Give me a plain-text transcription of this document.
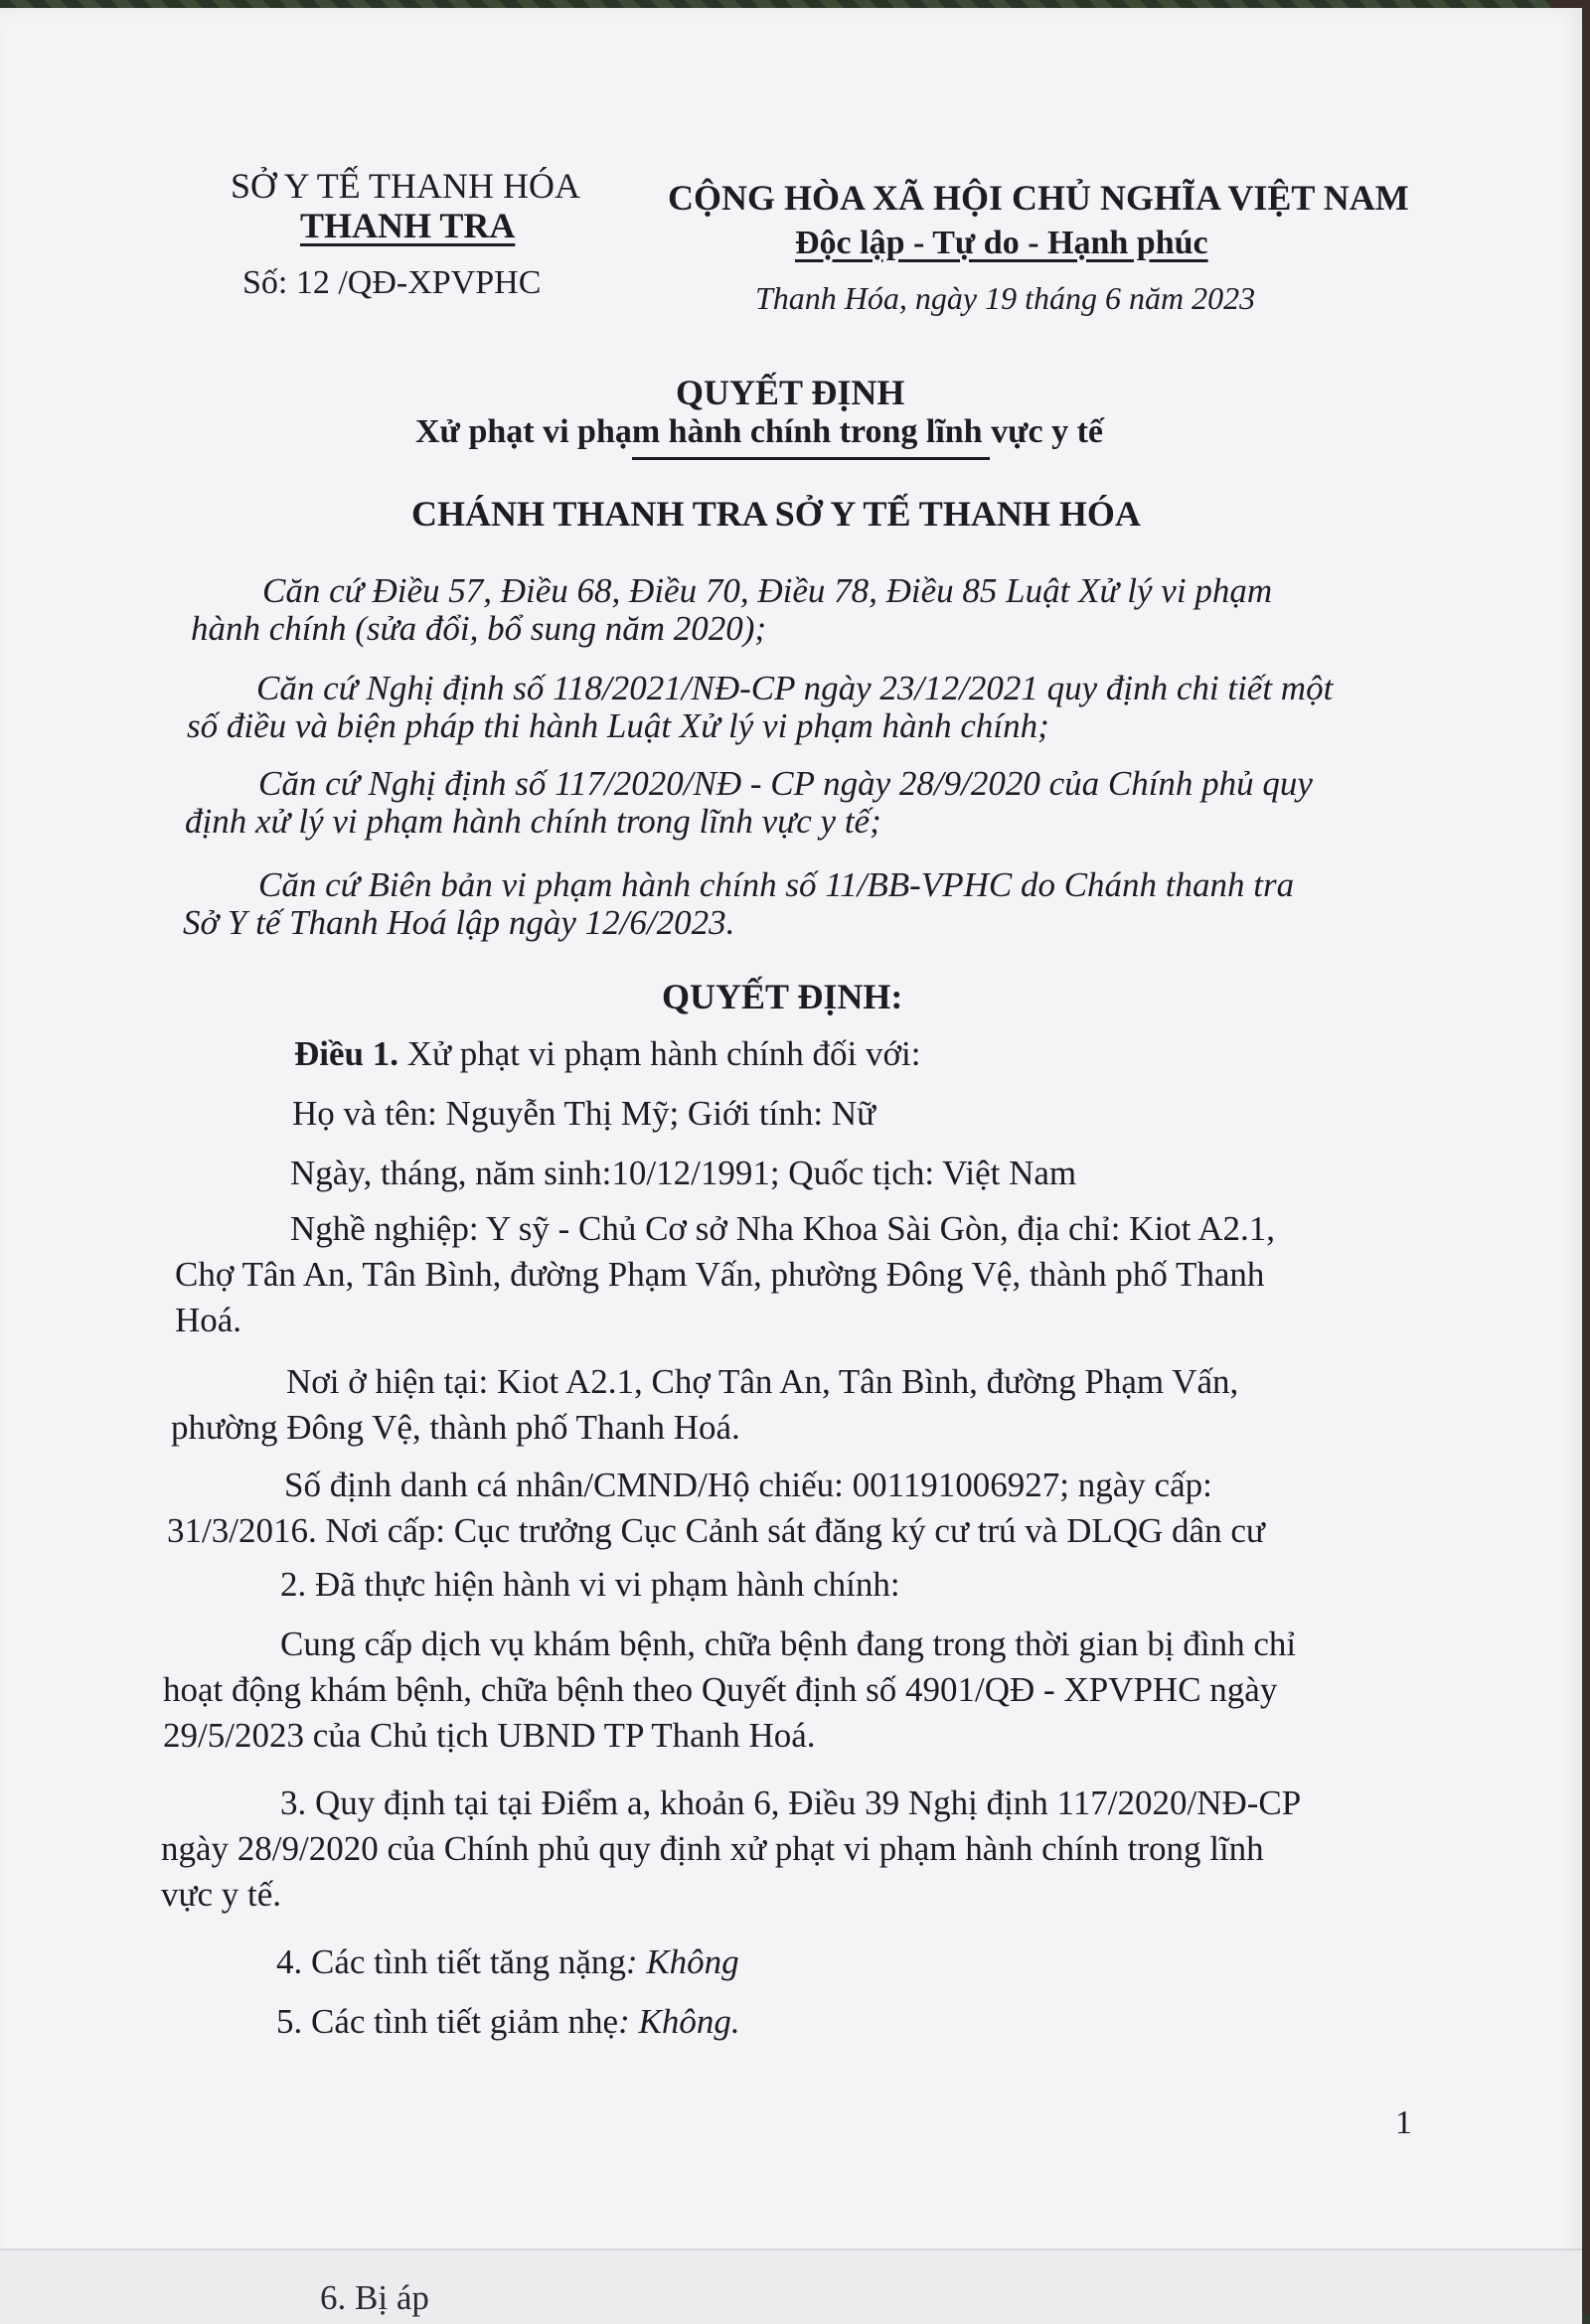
SỞ Y TẾ THANH HÓA
THANH TRA
Số: 12 /QĐ-XPVPHC
CỘNG HÒA XÃ HỘI CHỦ NGHĨA VIỆT NAM
Độc lập - Tự do - Hạnh phúc
Thanh Hóa, ngày 19 tháng 6 năm 2023
QUYẾT ĐỊNH
Xử phạt vi phạm hành chính trong lĩnh vực y tế
CHÁNH THANH TRA SỞ Y TẾ THANH HÓA
Căn cứ Điều 57, Điều 68, Điều 70, Điều 78, Điều 85 Luật Xử lý vi phạm
hành chính (sửa đổi, bổ sung năm 2020);
Căn cứ Nghị định số 118/2021/NĐ-CP ngày 23/12/2021 quy định chi tiết một
số điều và biện pháp thi hành Luật Xử lý vi phạm hành chính;
Căn cứ Nghị định số 117/2020/NĐ - CP ngày 28/9/2020 của Chính phủ quy
định xử lý vi phạm hành chính trong lĩnh vực y tế;
Căn cứ Biên bản vi phạm hành chính số 11/BB-VPHC do Chánh thanh tra
Sở Y tế Thanh Hoá lập ngày 12/6/2023.
QUYẾT ĐỊNH:
Điều 1. Xử phạt vi phạm hành chính đối với:
Họ và tên: Nguyễn Thị Mỹ; Giới tính: Nữ
Ngày, tháng, năm sinh:10/12/1991; Quốc tịch: Việt Nam
Nghề nghiệp: Y sỹ - Chủ Cơ sở Nha Khoa Sài Gòn, địa chỉ: Kiot A2.1,
Chợ Tân An, Tân Bình, đường Phạm Vấn, phường Đông Vệ, thành phố Thanh
Hoá.
Nơi ở hiện tại: Kiot A2.1, Chợ Tân An, Tân Bình, đường Phạm Vấn,
phường Đông Vệ, thành phố Thanh Hoá.
Số định danh cá nhân/CMND/Hộ chiếu: 001191006927; ngày cấp:
31/3/2016. Nơi cấp: Cục trưởng Cục Cảnh sát đăng ký cư trú và DLQG dân cư
2. Đã thực hiện hành vi vi phạm hành chính:
Cung cấp dịch vụ khám bệnh, chữa bệnh đang trong thời gian bị đình chỉ
hoạt động khám bệnh, chữa bệnh theo Quyết định số 4901/QĐ - XPVPHC ngày
29/5/2023 của Chủ tịch UBND TP Thanh Hoá.
3. Quy định tại tại Điểm a, khoản 6, Điều 39 Nghị định 117/2020/NĐ-CP
ngày 28/9/2020 của Chính phủ quy định xử phạt vi phạm hành chính trong lĩnh
vực y tế.
4. Các tình tiết tăng nặng: Không
5. Các tình tiết giảm nhẹ: Không.
1
6. Bị áp
